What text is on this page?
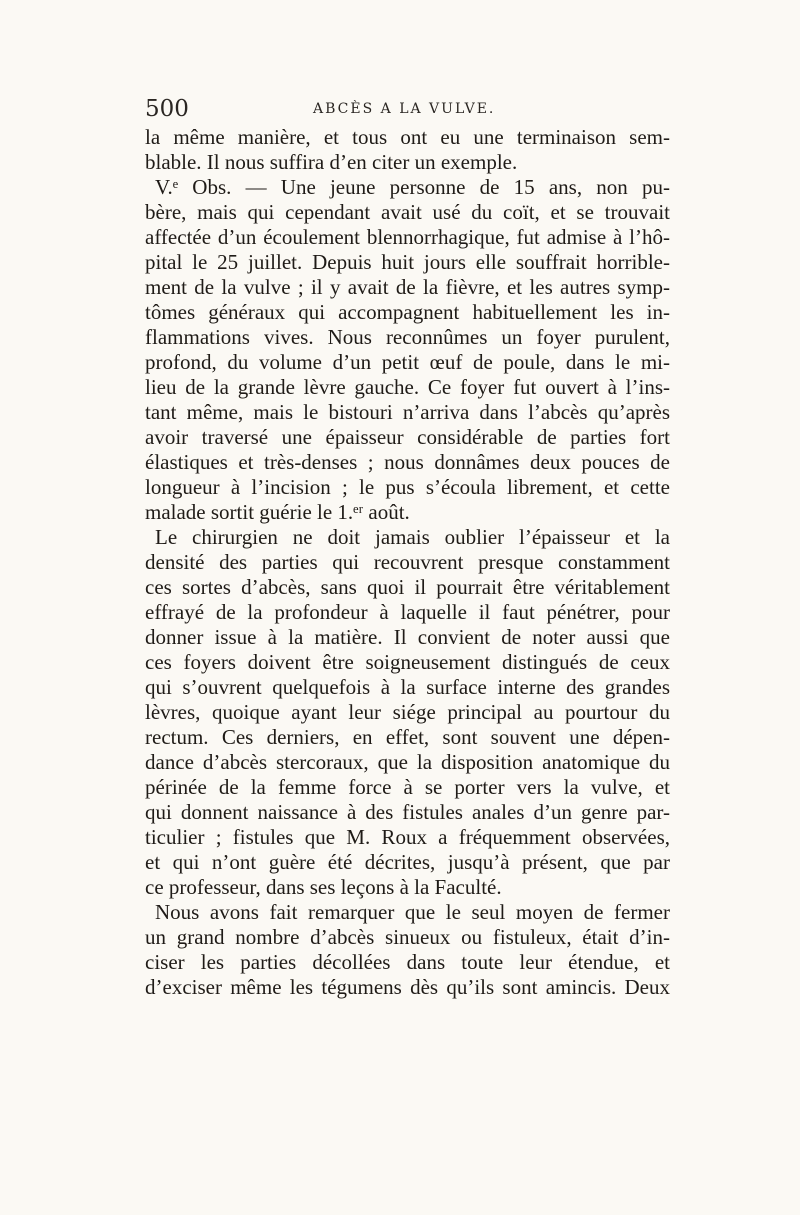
500	ABCÈS A LA VULVE.
la même manière, et tous ont eu une terminaison sem-
blable. Il nous suffira d’en citer un exemple.
V.ᵉ Obs. — Une jeune personne de 15 ans, non pu-
bère, mais qui cependant avait usé du coït, et se trouvait
affectée d’un écoulement blennorrhagique, fut admise à l’hô-
pital le 25 juillet. Depuis huit jours elle souffrait horrible-
ment de la vulve ; il y avait de la fièvre, et les autres symp-
tômes généraux qui accompagnent habituellement les in-
flammations vives. Nous reconnûmes un foyer purulent,
profond, du volume d’un petit œuf de poule, dans le mi-
lieu de la grande lèvre gauche. Ce foyer fut ouvert à l’ins-
tant même, mais le bistouri n’arriva dans l’abcès qu’après
avoir traversé une épaisseur considérable de parties fort
élastiques et très-denses ; nous donnâmes deux pouces de
longueur à l’incision ; le pus s’écoula librement, et cette
malade sortit guérie le 1.ᵉʳ août.
Le chirurgien ne doit jamais oublier l’épaisseur et la
densité des parties qui recouvrent presque constamment
ces sortes d’abcès, sans quoi il pourrait être véritablement
effrayé de la profondeur à laquelle il faut pénétrer, pour
donner issue à la matière. Il convient de noter aussi que
ces foyers doivent être soigneusement distingués de ceux
qui s’ouvrent quelquefois à la surface interne des grandes
lèvres, quoique ayant leur siége principal au pourtour du
rectum. Ces derniers, en effet, sont souvent une dépen-
dance d’abcès stercoraux, que la disposition anatomique du
périnée de la femme force à se porter vers la vulve, et
qui donnent naissance à des fistules anales d’un genre par-
ticulier ; fistules que M. Roux a fréquemment observées,
et qui n’ont guère été décrites, jusqu’à présent, que par
ce professeur, dans ses leçons à la Faculté.
Nous avons fait remarquer que le seul moyen de fermer
un grand nombre d’abcès sinueux ou fistuleux, était d’in-
ciser les parties décollées dans toute leur étendue, et
d’exciser même les tégumens dès qu’ils sont amincis. Deux
